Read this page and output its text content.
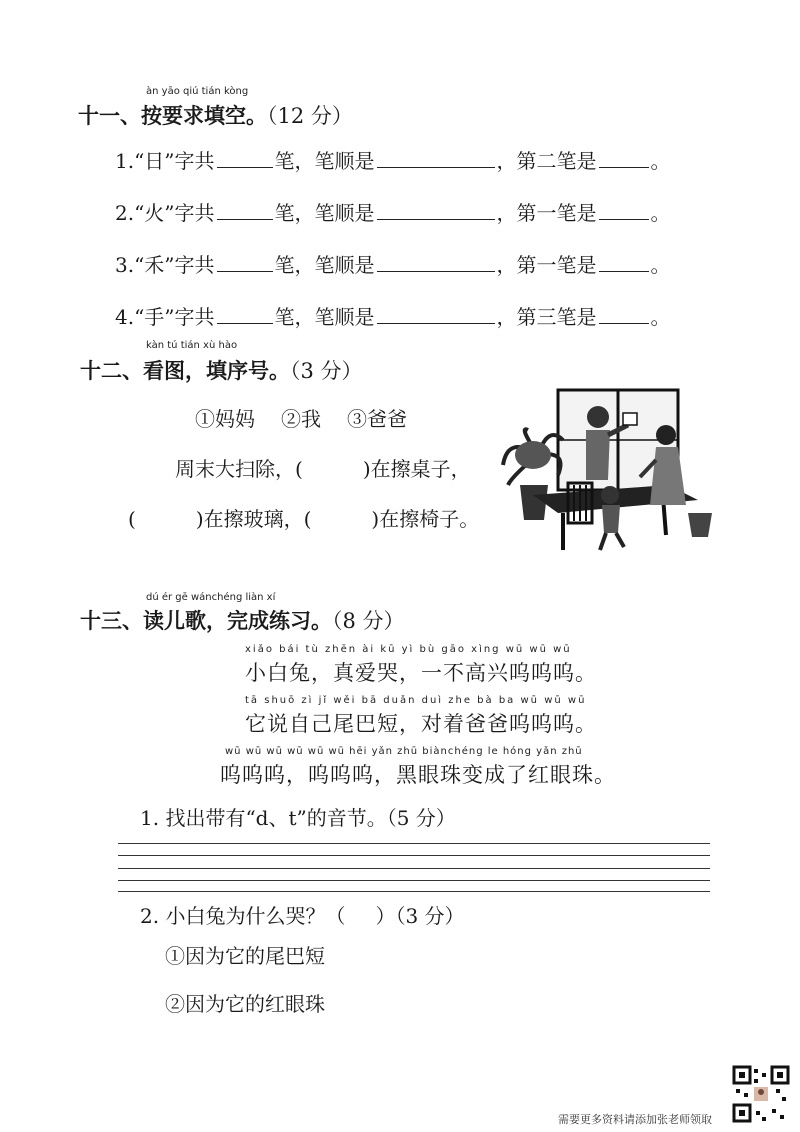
àn yāo qiú tián kòng
十一、按要求填空。（12 分）
1.“日”字共	笔，笔顺是	，第二笔是	。
2.“火”字共	笔，笔顺是	，第一笔是	。
3.“禾”字共	笔，笔顺是	，第一笔是	。
4.“手”字共	笔，笔顺是	，第三笔是	。
kàn tú tián xù hào
十二、看图，填序号。（3 分）
①妈妈 ②我 ③爸爸
周末大扫除，(	)在擦桌子，
(	)在擦玻璃，(	)在擦椅子。
dú ér gē wánchéng liàn xí
十三、读儿歌，完成练习。（8 分）
xiǎo bái tù zhēn ài kū yì bù gāo xìng wū wū wū
小白兔，真爱哭，一不高兴呜呜呜。
tā shuō zì jǐ wěi bā duǎn duì zhe bà ba wū wū wū
它说自己尾巴短，对着爸爸呜呜呜。
wū wū wū wū wū wū hēi yǎn zhū biànchéng le hóng yǎn zhū
呜呜呜，呜呜呜，黑眼珠变成了红眼珠。
1. 找出带有“d、t”的音节。（5 分）
2. 小白兔为什么哭？（ ）（3 分）
①因为它的尾巴短
②因为它的红眼珠
需要更多资料请添加张老师领取
